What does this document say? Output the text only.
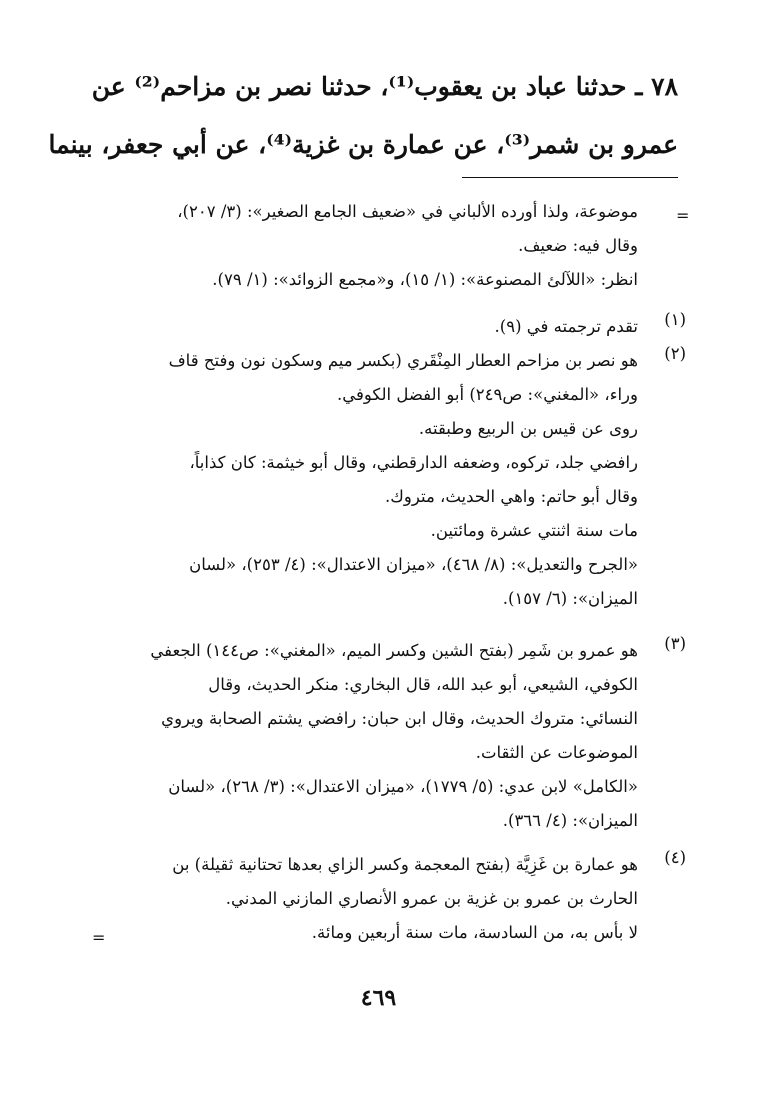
٧٨ ـ حدثنا عباد بن يعقوب⁽¹⁾، حدثنا نصر بن مزاحم⁽²⁾ عن
عمرو بن شمر⁽³⁾، عن عمارة بن غزية⁽⁴⁾، عن أبي جعفر، بينما
=
موضوعة، ولذا أورده الألباني في «ضعيف الجامع الصغير»: (٣/ ٢٠٧)،
وقال فيه: ضعيف.
انظر: «اللآلئ المصنوعة»: (١/ ١٥)، و«مجمع الزوائد»: (١/ ٧٩).
(١)
تقدم ترجمته في (٩).
(٢)
هو نصر بن مزاحم العطار المِنْقَري (بكسر ميم وسكون نون وفتح قاف
وراء، «المغني»: ص٢٤٩) أبو الفضل الكوفي.
روى عن قيس بن الربيع وطبقته.
رافضي جلد، تركوه، وضعفه الدارقطني، وقال أبو خيثمة: كان كذاباً،
وقال أبو حاتم: واهي الحديث، متروك.
مات سنة اثنتي عشرة ومائتين.
«الجرح والتعديل»: (٨/ ٤٦٨)، «ميزان الاعتدال»: (٤/ ٢٥٣)، «لسان
الميزان»: (٦/ ١٥٧).
(٣)
هو عمرو بن شَمِر (بفتح الشين وكسر الميم، «المغني»: ص١٤٤) الجعفي
الكوفي، الشيعي، أبو عبد الله، قال البخاري: منكر الحديث، وقال
النسائي: متروك الحديث، وقال ابن حبان: رافضي يشتم الصحابة ويروي
الموضوعات عن الثقات.
«الكامل» لابن عدي: (٥/ ١٧٧٩)، «ميزان الاعتدال»: (٣/ ٢٦٨)، «لسان
الميزان»: (٤/ ٣٦٦).
(٤)
هو عمارة بن غَزِيَّة (بفتح المعجمة وكسر الزاي بعدها تحتانية ثقيلة) بن
الحارث بن عمرو بن غزية بن عمرو الأنصاري المازني المدني.
لا بأس به، من السادسة، مات سنة أربعين ومائة.
=
٤٦٩
